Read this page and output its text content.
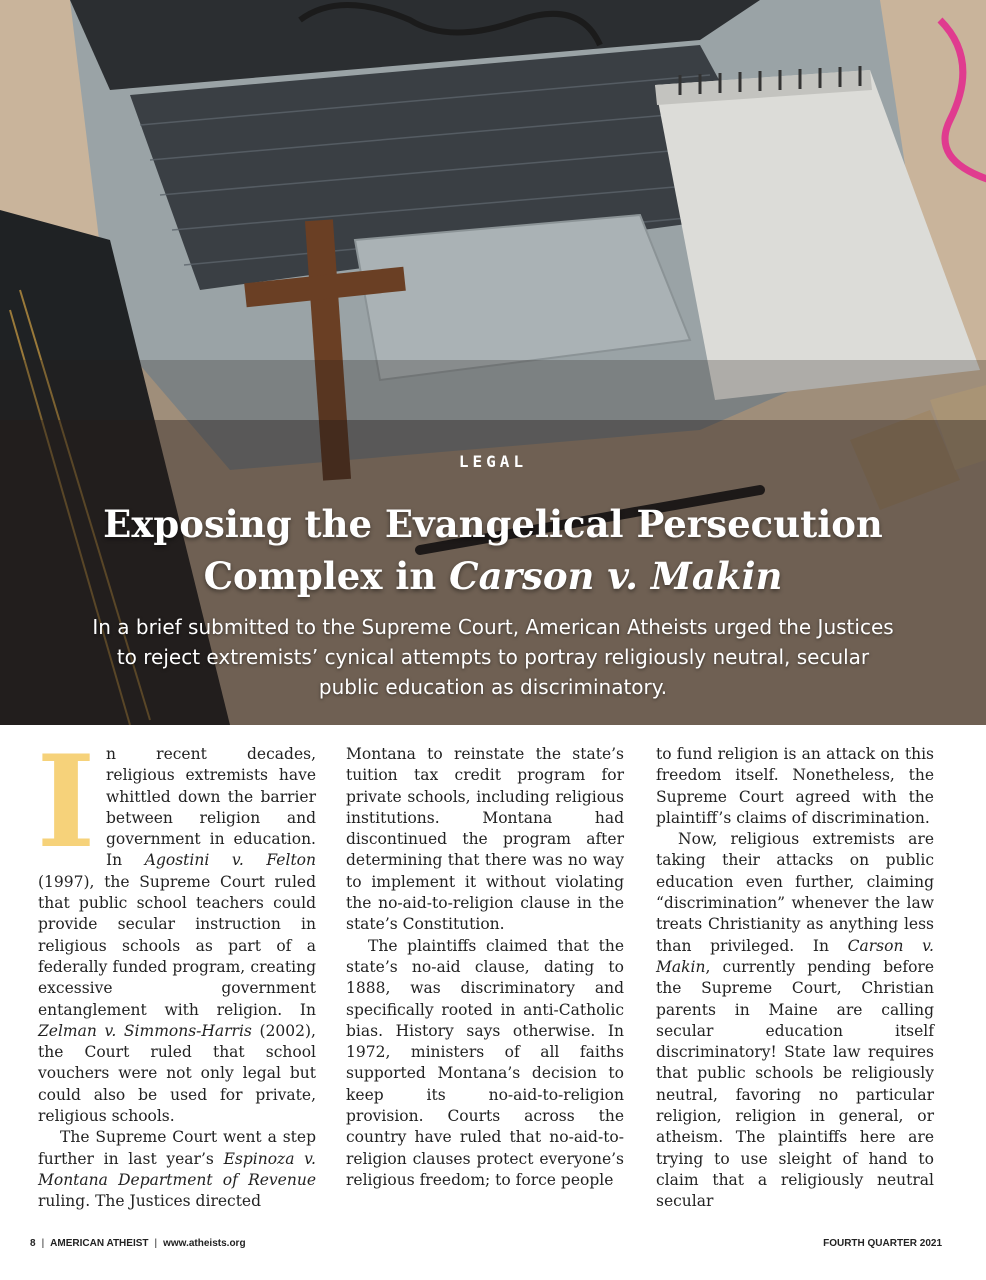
LEGAL
Exposing the Evangelical Persecution
Complex in Carson v. Makin
In a brief submitted to the Supreme Court, American Atheists urged the Justices to reject extremists’ cynical attempts to portray religiously neutral, secular public education as discriminatory.

In recent decades, religious extremists have whittled down the barrier between religion and government in education. In Agostini v. Felton (1997), the Supreme Court ruled that public school teachers could provide secular instruction in religious schools as part of a federally funded program, creating excessive government entanglement with religion. In Zelman v. Simmons-Harris (2002), the Court ruled that school vouchers were not only legal but could also be used for private, religious schools.

The Supreme Court went a step further in last year’s Espinoza v. Montana Department of Revenue ruling. The Justices directed

Montana to reinstate the state’s tuition tax credit program for private schools, including religious institutions. Montana had discontinued the program after determining that there was no way to implement it without violating the no-aid-to-religion clause in the state’s Constitution.

The plaintiffs claimed that the state’s no-aid clause, dating to 1888, was discriminatory and specifically rooted in anti-Catholic bias. History says otherwise. In 1972, ministers of all faiths supported Montana’s decision to keep its no-aid-to-religion provision. Courts across the country have ruled that no-aid-to-religion clauses protect everyone’s religious freedom; to force people

to fund religion is an attack on this freedom itself. Nonetheless, the Supreme Court agreed with the plaintiff’s claims of discrimination.

Now, religious extremists are taking their attacks on public education even further, claiming “discrimination” whenever the law treats Christianity as anything less than privileged. In Carson v. Makin, currently pending before the Supreme Court, Christian parents in Maine are calling secular education itself discriminatory! State law requires that public schools be religiously neutral, favoring no particular religion, religion in general, or atheism. The plaintiffs here are trying to use sleight of hand to claim that a religiously neutral secular

8 | AMERICAN ATHEIST | www.atheists.org	FOURTH QUARTER 2021
